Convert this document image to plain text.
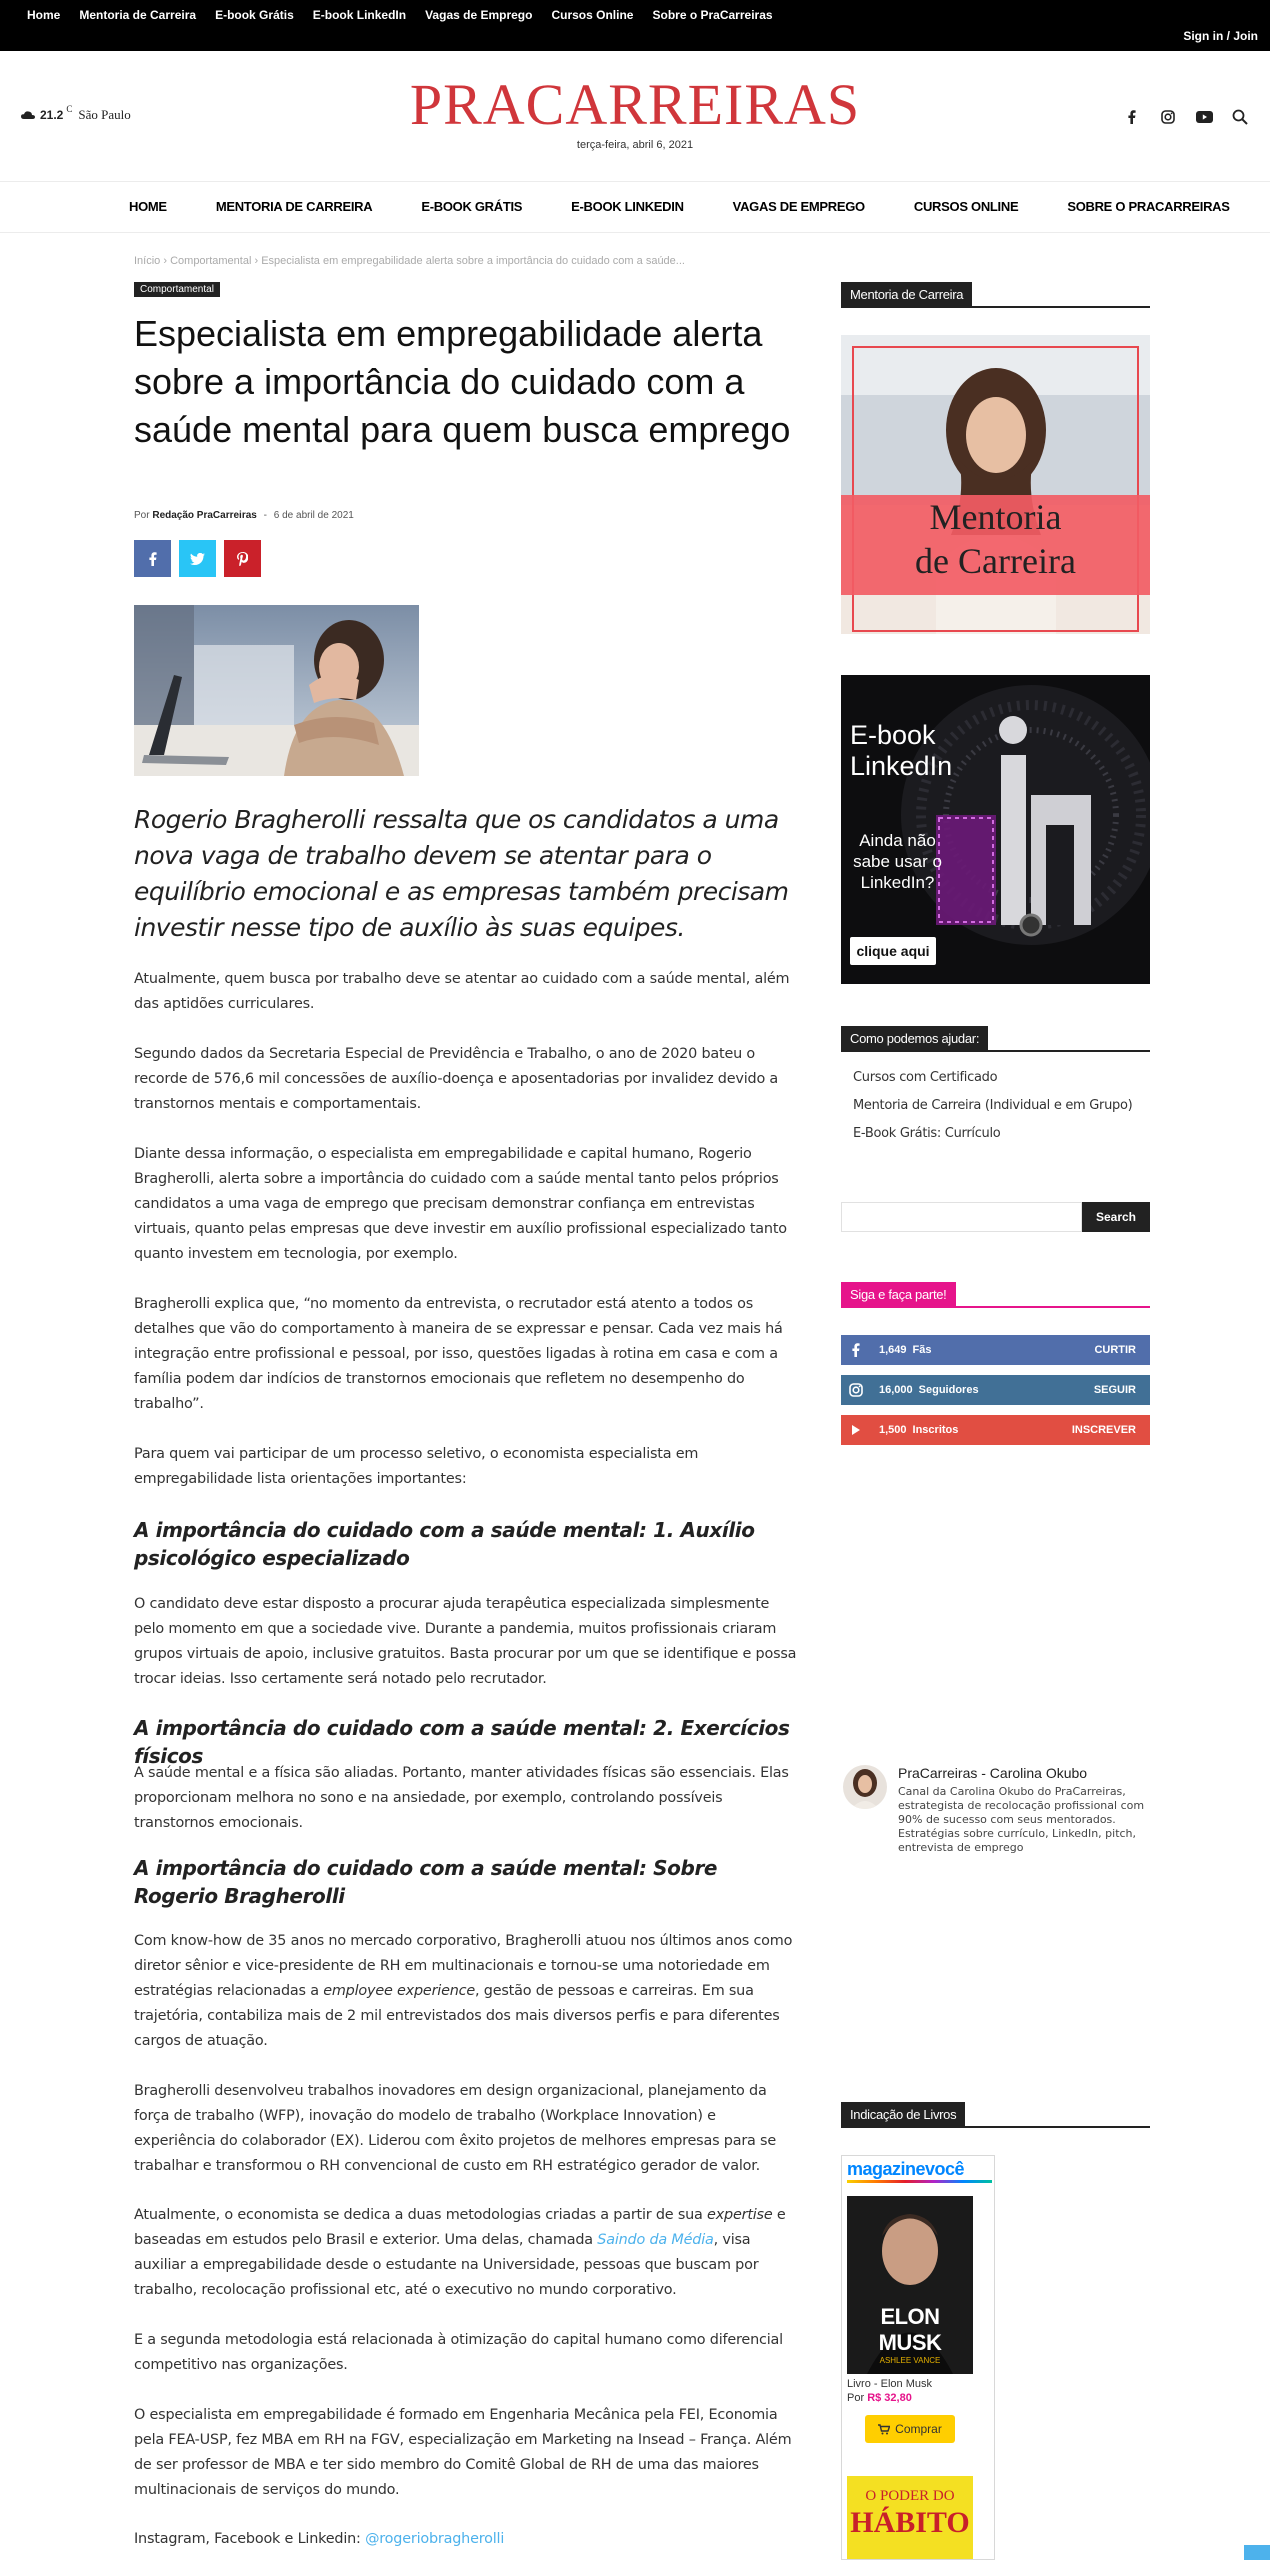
Home Mentoria de Carreira E-book Grátis E-book LinkedIn Vagas de Emprego Cursos Online Sobre o PraCarreiras
Sign in / Join
21.2 C São Paulo	PRACARREIRAS
terça-feira, abril 6, 2021
HOME	MENTORIA DE CARREIRA	E-BOOK GRÁTIS	E-BOOK LINKEDIN	VAGAS DE EMPREGO	CURSOS ONLINE	SOBRE O PRACARREIRAS
Início › Comportamental › Especialista em empregabilidade alerta sobre a importância do cuidado com a saúde...
Comportamental
Especialista em empregabilidade alerta sobre a importância do cuidado com a saúde mental para quem busca emprego
Por Redação PraCarreiras - 6 de abril de 2021

Rogerio Bragherolli ressalta que os candidatos a uma nova vaga de trabalho devem se atentar para o equilíbrio emocional e as empresas também precisam investir nesse tipo de auxílio às suas equipes.

Atualmente, quem busca por trabalho deve se atentar ao cuidado com a saúde mental, além das aptidões curriculares.

Segundo dados da Secretaria Especial de Previdência e Trabalho, o ano de 2020 bateu o recorde de 576,6 mil concessões de auxílio-doença e aposentadorias por invalidez devido a transtornos mentais e comportamentais.

Diante dessa informação, o especialista em empregabilidade e capital humano, Rogerio Bragherolli, alerta sobre a importância do cuidado com a saúde mental tanto pelos próprios candidatos a uma vaga de emprego que precisam demonstrar confiança em entrevistas virtuais, quanto pelas empresas que deve investir em auxílio profissional especializado tanto quanto investem em tecnologia, por exemplo.

Bragherolli explica que, “no momento da entrevista, o recrutador está atento a todos os detalhes que vão do comportamento à maneira de se expressar e pensar. Cada vez mais há integração entre profissional e pessoal, por isso, questões ligadas à rotina em casa e com a família podem dar indícios de transtornos emocionais que refletem no desempenho do trabalho”.

Para quem vai participar de um processo seletivo, o economista especialista em empregabilidade lista orientações importantes:

A importância do cuidado com a saúde mental: 1. Auxílio psicológico especializado

O candidato deve estar disposto a procurar ajuda terapêutica especializada simplesmente pelo momento em que a sociedade vive. Durante a pandemia, muitos profissionais criaram grupos virtuais de apoio, inclusive gratuitos. Basta procurar por um que se identifique e possa trocar ideias. Isso certamente será notado pelo recrutador.

A importância do cuidado com a saúde mental: 2. Exercícios físicos

A saúde mental e a física são aliadas. Portanto, manter atividades físicas são essenciais. Elas proporcionam melhora no sono e na ansiedade, por exemplo, controlando possíveis transtornos emocionais.

A importância do cuidado com a saúde mental: Sobre Rogerio Bragherolli

Com know-how de 35 anos no mercado corporativo, Bragherolli atuou nos últimos anos como diretor sênior e vice-presidente de RH em multinacionais e tornou-se uma notoriedade em estratégias relacionadas a employee experience, gestão de pessoas e carreiras. Em sua trajetória, contabiliza mais de 2 mil entrevistados dos mais diversos perfis e para diferentes cargos de atuação.

Bragherolli desenvolveu trabalhos inovadores em design organizacional, planejamento da força de trabalho (WFP), inovação do modelo de trabalho (Workplace Innovation) e experiência do colaborador (EX). Liderou com êxito projetos de melhores empresas para se trabalhar e transformou o RH convencional de custo em RH estratégico gerador de valor.

Atualmente, o economista se dedica a duas metodologias criadas a partir de sua expertise e baseadas em estudos pelo Brasil e exterior. Uma delas, chamada Saindo da Média, visa auxiliar a empregabilidade desde o estudante na Universidade, pessoas que buscam por trabalho, recolocação profissional etc, até o executivo no mundo corporativo.

E a segunda metodologia está relacionada à otimização do capital humano como diferencial competitivo nas organizações.

O especialista em empregabilidade é formado em Engenharia Mecânica pela FEI, Economia pela FEA-USP, fez MBA em RH na FGV, especialização em Marketing na Insead – França. Além de ser professor de MBA e ter sido membro do Comitê Global de RH de uma das maiores multinacionais de serviços do mundo.

Instagram, Facebook e Linkedin: @rogeriobragherolli

Mentoria de Carreira
Mentoria
de Carreira
E-book
LinkedIn
Ainda não sabe usar o LinkedIn?
clique aqui
Como podemos ajudar:
Cursos com Certificado
Mentoria de Carreira (Individual e em Grupo)
E-Book Grátis: Currículo
Search
Siga e faça parte!
1,649 Fãs	CURTIR
16,000 Seguidores	SEGUIR
1,500 Inscritos	INSCREVER
PraCarreiras - Carolina Okubo
Canal da Carolina Okubo do PraCarreiras, estrategista de recolocação profissional com 90% de sucesso com seus mentorados. Estratégias sobre currículo, LinkedIn, pitch, entrevista de emprego
Indicação de Livros
magazinevocê
ELON MUSK
ASHLEE VANCE
Livro - Elon Musk
Por R$ 32,80
Comprar
O PODER DO
HÁBITO
